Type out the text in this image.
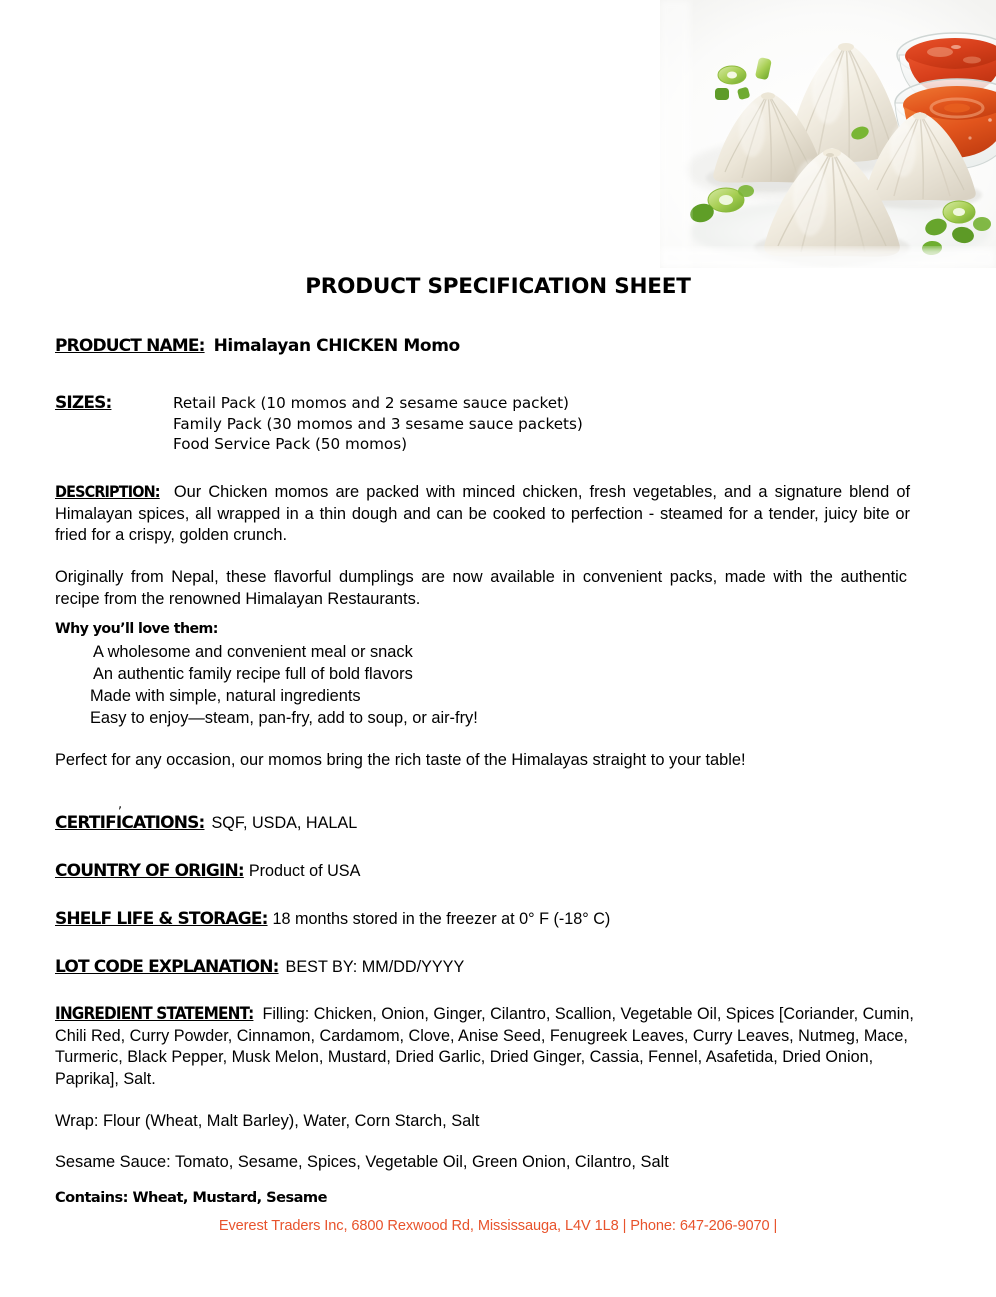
PRODUCT SPECIFICATION SHEET
PRODUCT NAME: Himalayan CHICKEN Momo
SIZES:	Retail Pack (10 momos and 2 sesame sauce packet)
Family Pack (30 momos and 3 sesame sauce packets)
Food Service Pack (50 momos)

DESCRIPTION: Our Chicken momos are packed with minced chicken, fresh vegetables, and a signature blend of Himalayan spices, all wrapped in a thin dough and can be cooked to perfection - steamed for a tender, juicy bite or fried for a crispy, golden crunch.

Originally from Nepal, these flavorful dumplings are now available in convenient packs, made with the authentic recipe from the renowned Himalayan Restaurants.

Why you’ll love them:
A wholesome and convenient meal or snack
An authentic family recipe full of bold flavors
Made with simple, natural ingredients
Easy to enjoy—steam, pan-fry, add to soup, or air-fry!

Perfect for any occasion, our momos bring the rich taste of the Himalayas straight to your table!

,
CERTIFICATIONS: SQF, USDA, HALAL
COUNTRY OF ORIGIN: Product of USA
SHELF LIFE & STORAGE: 18 months stored in the freezer at 0° F (-18° C)
LOT CODE EXPLANATION: BEST BY: MM/DD/YYYY

INGREDIENT STATEMENT: Filling: Chicken, Onion, Ginger, Cilantro, Scallion, Vegetable Oil, Spices [Coriander, Cumin, Chili Red, Curry Powder, Cinnamon, Cardamom, Clove, Anise Seed, Fenugreek Leaves, Curry Leaves, Nutmeg, Mace, Turmeric, Black Pepper, Musk Melon, Mustard, Dried Garlic, Dried Ginger, Cassia, Fennel, Asafetida, Dried Onion, Paprika], Salt.

Wrap: Flour (Wheat, Malt Barley), Water, Corn Starch, Salt

Sesame Sauce: Tomato, Sesame, Spices, Vegetable Oil, Green Onion, Cilantro, Salt

Contains: Wheat, Mustard, Sesame

Everest Traders Inc, 6800 Rexwood Rd, Mississauga, L4V 1L8 | Phone: 647-206-9070 |
